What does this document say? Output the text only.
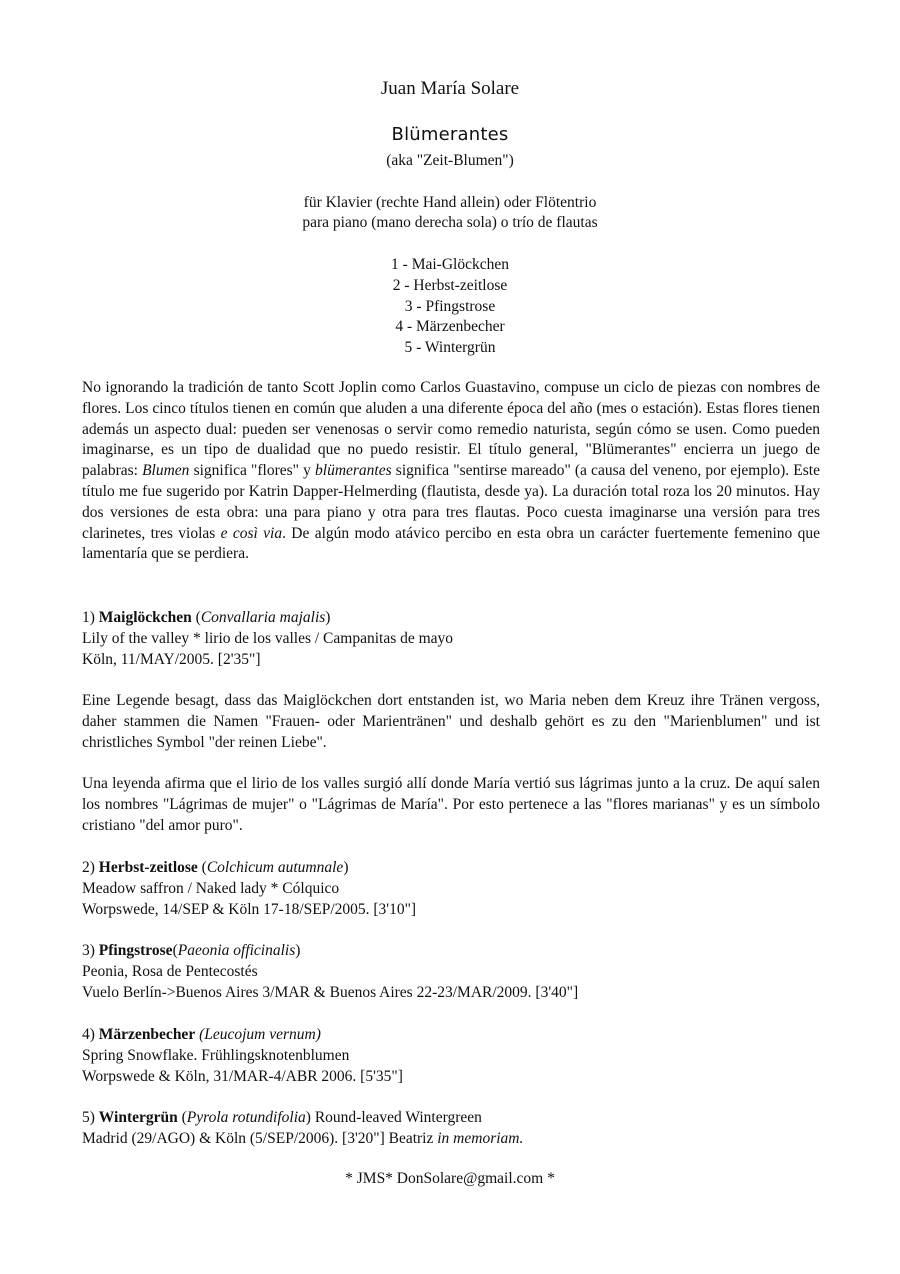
Juan María Solare
Blümerantes
(aka "Zeit-Blumen")
für Klavier (rechte Hand allein) oder Flötentrio
para piano (mano derecha sola) o trío de flautas
1 - Mai-Glöckchen
2 - Herbst-zeitlose
3 - Pfingstrose
4 - Märzenbecher
5 - Wintergrün
No ignorando la tradición de tanto Scott Joplin como Carlos Guastavino, compuse un ciclo de piezas con nombres de flores. Los cinco títulos tienen en común que aluden a una diferente época del año (mes o estación). Estas flores tienen además un aspecto dual: pueden ser venenosas o servir como remedio naturista, según cómo se usen. Como pueden imaginarse, es un tipo de dualidad que no puedo resistir. El título general, "Blümerantes" encierra un juego de palabras: Blumen significa "flores" y blümerantes significa "sentirse mareado" (a causa del veneno, por ejemplo). Este título me fue sugerido por Katrin Dapper-Helmerding (flautista, desde ya). La duración total roza los 20 minutos. Hay dos versiones de esta obra: una para piano y otra para tres flautas. Poco cuesta imaginarse una versión para tres clarinetes, tres violas e così via. De algún modo atávico percibo en esta obra un carácter fuertemente femenino que lamentaría que se perdiera.
1) Maiglöckchen (Convallaria majalis)
Lily of the valley * lirio de los valles / Campanitas de mayo
Köln, 11/MAY/2005. [2'35"]
Eine Legende besagt, dass das Maiglöckchen dort entstanden ist, wo Maria neben dem Kreuz ihre Tränen vergoss, daher stammen die Namen "Frauen- oder Marientränen" und deshalb gehört es zu den "Marienblumen" und ist christliches Symbol "der reinen Liebe".
Una leyenda afirma que el lirio de los valles surgió allí donde María vertió sus lágrimas junto a la cruz. De aquí salen los nombres "Lágrimas de mujer" o "Lágrimas de María". Por esto pertenece a las "flores marianas" y es un símbolo cristiano "del amor puro".
2) Herbst-zeitlose (Colchicum autumnale)
Meadow saffron / Naked lady * Cólquico
Worpswede, 14/SEP & Köln 17-18/SEP/2005. [3'10"]
3) Pfingstrose(Paeonia officinalis)
Peonia, Rosa de Pentecostés
Vuelo Berlín->Buenos Aires 3/MAR & Buenos Aires 22-23/MAR/2009. [3'40"]
4) Märzenbecher (Leucojum vernum)
Spring Snowflake. Frühlingsknotenblumen
Worpswede & Köln, 31/MAR-4/ABR 2006. [5'35"]
5) Wintergrün (Pyrola rotundifolia) Round-leaved Wintergreen
Madrid (29/AGO) & Köln (5/SEP/2006). [3'20"] Beatriz in memoriam.
* JMS* DonSolare@gmail.com *
